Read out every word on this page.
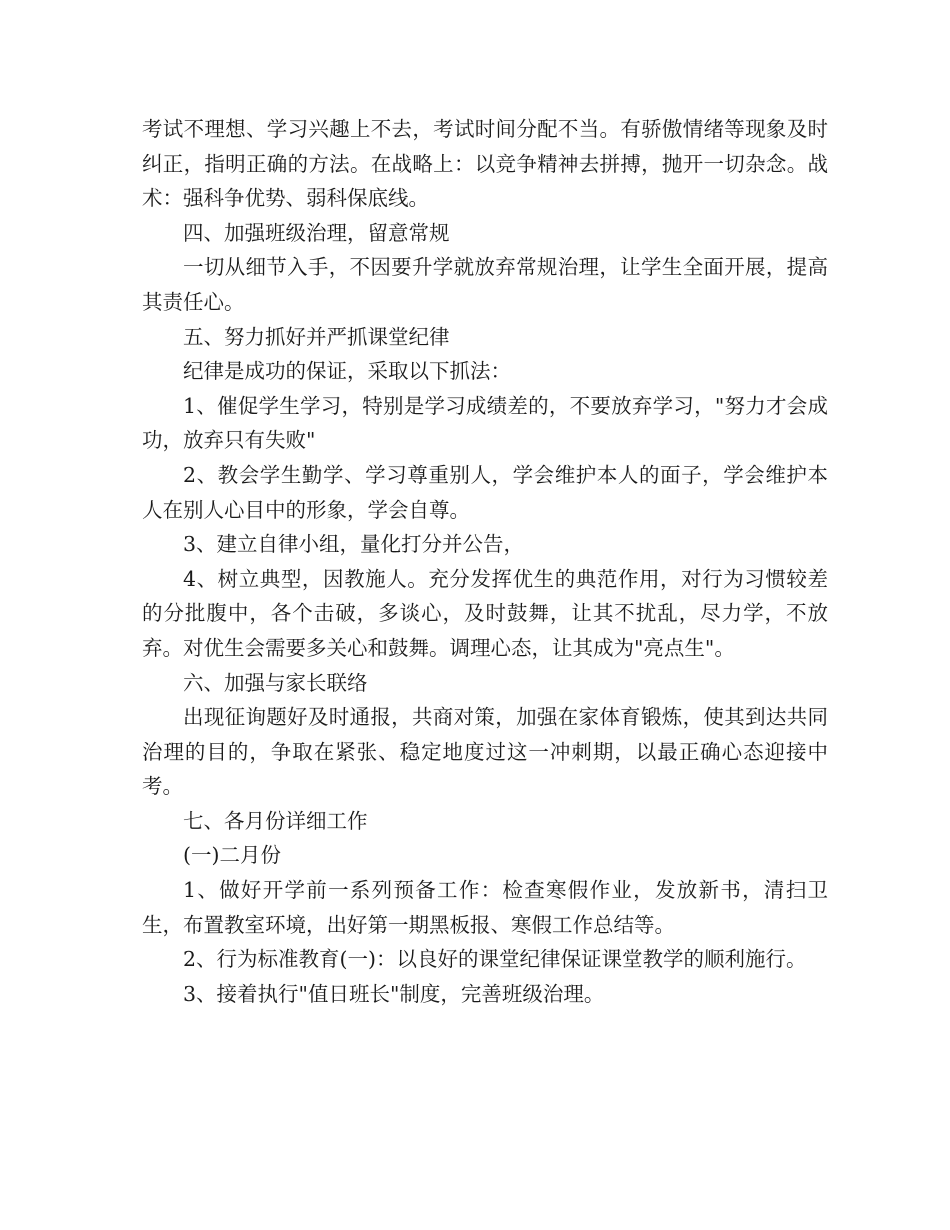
考试不理想、学习兴趣上不去，考试时间分配不当。有骄傲情绪等现象及时纠正，指明正确的方法。在战略上：以竞争精神去拼搏，抛开一切杂念。战术：强科争优势、弱科保底线。

四、加强班级治理，留意常规

一切从细节入手，不因要升学就放弃常规治理，让学生全面开展，提高其责任心。

五、努力抓好并严抓课堂纪律

纪律是成功的保证，采取以下抓法：

1、催促学生学习，特别是学习成绩差的，不要放弃学习，"努力才会成功，放弃只有失败"

2、教会学生勤学、学习尊重别人，学会维护本人的面子，学会维护本人在别人心目中的形象，学会自尊。

3、建立自律小组，量化打分并公告，

4、树立典型，因教施人。充分发挥优生的典范作用，对行为习惯较差的分批腹中，各个击破，多谈心，及时鼓舞，让其不扰乱，尽力学，不放弃。对优生会需要多关心和鼓舞。调理心态，让其成为"亮点生"。

六、加强与家长联络

出现征询题好及时通报，共商对策，加强在家体育锻炼，使其到达共同治理的目的，争取在紧张、稳定地度过这一冲刺期，以最正确心态迎接中考。

七、各月份详细工作

(一)二月份

1、做好开学前一系列预备工作：检查寒假作业，发放新书，清扫卫生，布置教室环境，出好第一期黑板报、寒假工作总结等。

2、行为标准教育(一)：以良好的课堂纪律保证课堂教学的顺利施行。

3、接着执行"值日班长"制度，完善班级治理。
